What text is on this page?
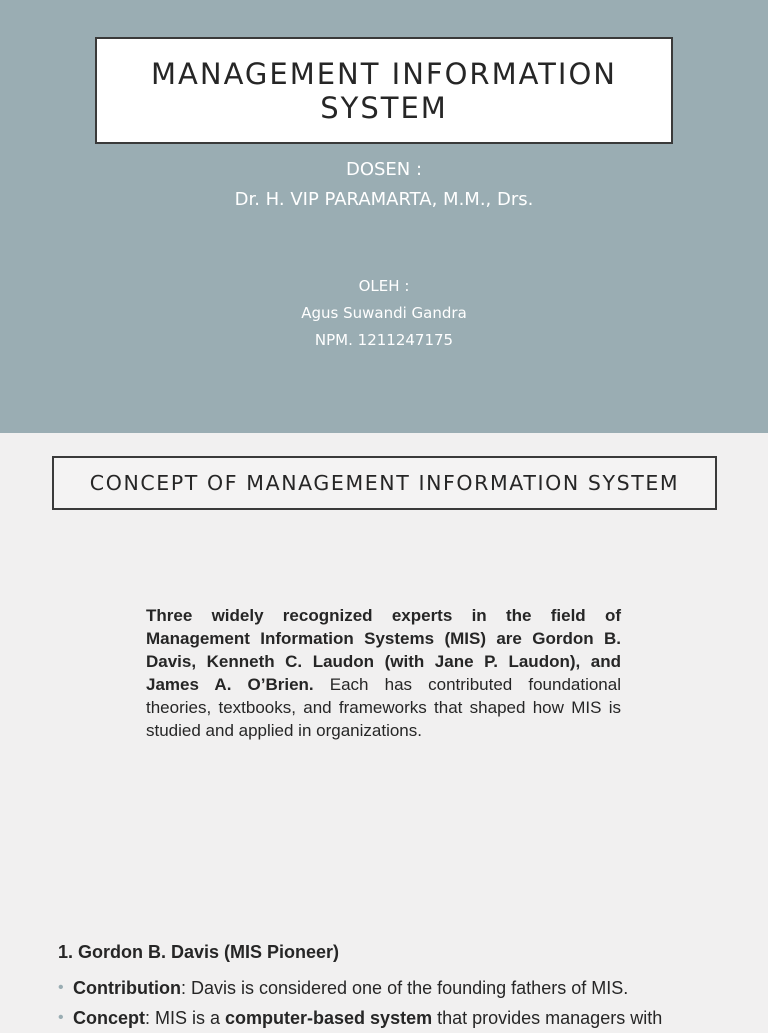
MANAGEMENT INFORMATION SYSTEM
DOSEN :
Dr. H. VIP PARAMARTA, M.M., Drs.
OLEH :
Agus Suwandi Gandra
NPM. 1211247175
CONCEPT OF MANAGEMENT INFORMATION SYSTEM
Three widely recognized experts in the field of Management Information Systems (MIS) are Gordon B. Davis, Kenneth C. Laudon (with Jane P. Laudon), and James A. O’Brien. Each has contributed foundational theories, textbooks, and frameworks that shaped how MIS is studied and applied in organizations.
1. Gordon B. Davis (MIS Pioneer)
• Contribution: Davis is considered one of the founding fathers of MIS.
• Concept: MIS is a computer-based system that provides managers with
